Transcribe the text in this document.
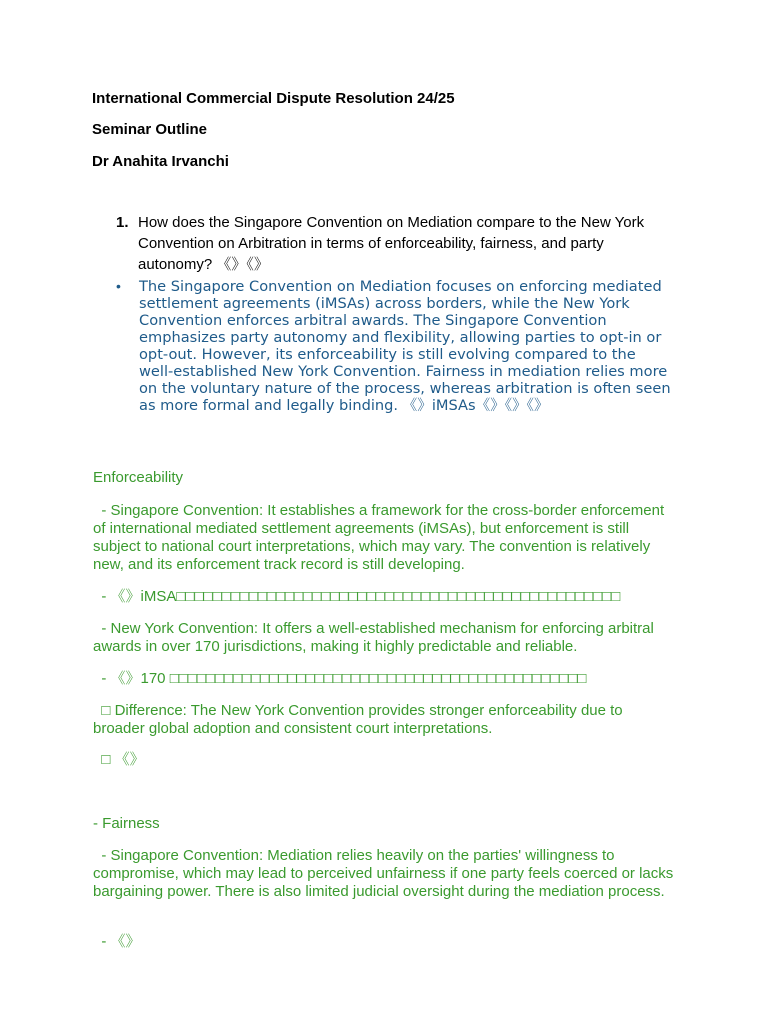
International Commercial Dispute Resolution 24/25
Seminar Outline
Dr Anahita Irvanchi
1. How does the Singapore Convention on Mediation compare to the New York Convention on Arbitration in terms of enforceability, fairness, and party autonomy? 《》《》
• The Singapore Convention on Mediation focuses on enforcing mediated settlement agreements (iMSAs) across borders, while the New York Convention enforces arbitral awards. The Singapore Convention emphasizes party autonomy and flexibility, allowing parties to opt-in or opt-out. However, its enforceability is still evolving compared to the well-established New York Convention. Fairness in mediation relies more on the voluntary nature of the process, whereas arbitration is often seen as more formal and legally binding. 《》iMSAs《》《》《》
Enforceability
- Singapore Convention: It establishes a framework for the cross-border enforcement of international mediated settlement agreements (iMSAs), but enforcement is still subject to national court interpretations, which may vary. The convention is relatively new, and its enforcement track record is still developing.
- 《》iMSA□□□□□□□□□□□□□□□□□□□□□□□□□□□□□□□□□□□□□□□□□□□□□□□□□
- New York Convention: It offers a well-established mechanism for enforcing arbitral awards in over 170 jurisdictions, making it highly predictable and reliable.
- 《》170 □□□□□□□□□□□□□□□□□□□□□□□□□□□□□□□□□□□□□□□□□□□□□□
□ Difference: The New York Convention provides stronger enforceability due to broader global adoption and consistent court interpretations.
□ 《》
- Fairness
- Singapore Convention: Mediation relies heavily on the parties' willingness to compromise, which may lead to perceived unfairness if one party feels coerced or lacks bargaining power. There is also limited judicial oversight during the mediation process.
- 《》
